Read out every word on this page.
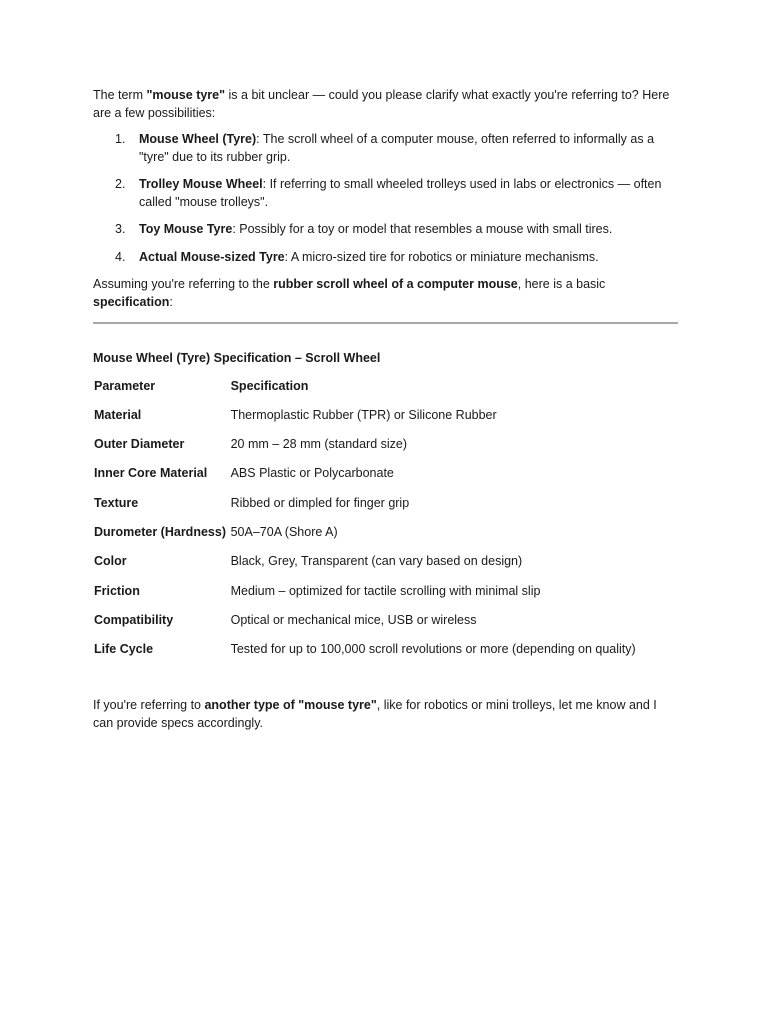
The term "mouse tyre" is a bit unclear — could you please clarify what exactly you're referring to? Here are a few possibilities:

1. Mouse Wheel (Tyre): The scroll wheel of a computer mouse, often referred to informally as a "tyre" due to its rubber grip.
2. Trolley Mouse Wheel: If referring to small wheeled trolleys used in labs or electronics — often called "mouse trolleys".
3. Toy Mouse Tyre: Possibly for a toy or model that resembles a mouse with small tires.
4. Actual Mouse-sized Tyre: A micro-sized tire for robotics or miniature mechanisms.

Assuming you're referring to the rubber scroll wheel of a computer mouse, here is a basic specification:

Mouse Wheel (Tyre) Specification – Scroll Wheel

Parameter	Specification
Material	Thermoplastic Rubber (TPR) or Silicone Rubber
Outer Diameter	20 mm – 28 mm (standard size)
Inner Core Material	ABS Plastic or Polycarbonate
Texture	Ribbed or dimpled for finger grip
Durometer (Hardness)	50A–70A (Shore A)
Color	Black, Grey, Transparent (can vary based on design)
Friction	Medium – optimized for tactile scrolling with minimal slip
Compatibility	Optical or mechanical mice, USB or wireless
Life Cycle	Tested for up to 100,000 scroll revolutions or more (depending on quality)

If you're referring to another type of "mouse tyre", like for robotics or mini trolleys, let me know and I can provide specs accordingly.
